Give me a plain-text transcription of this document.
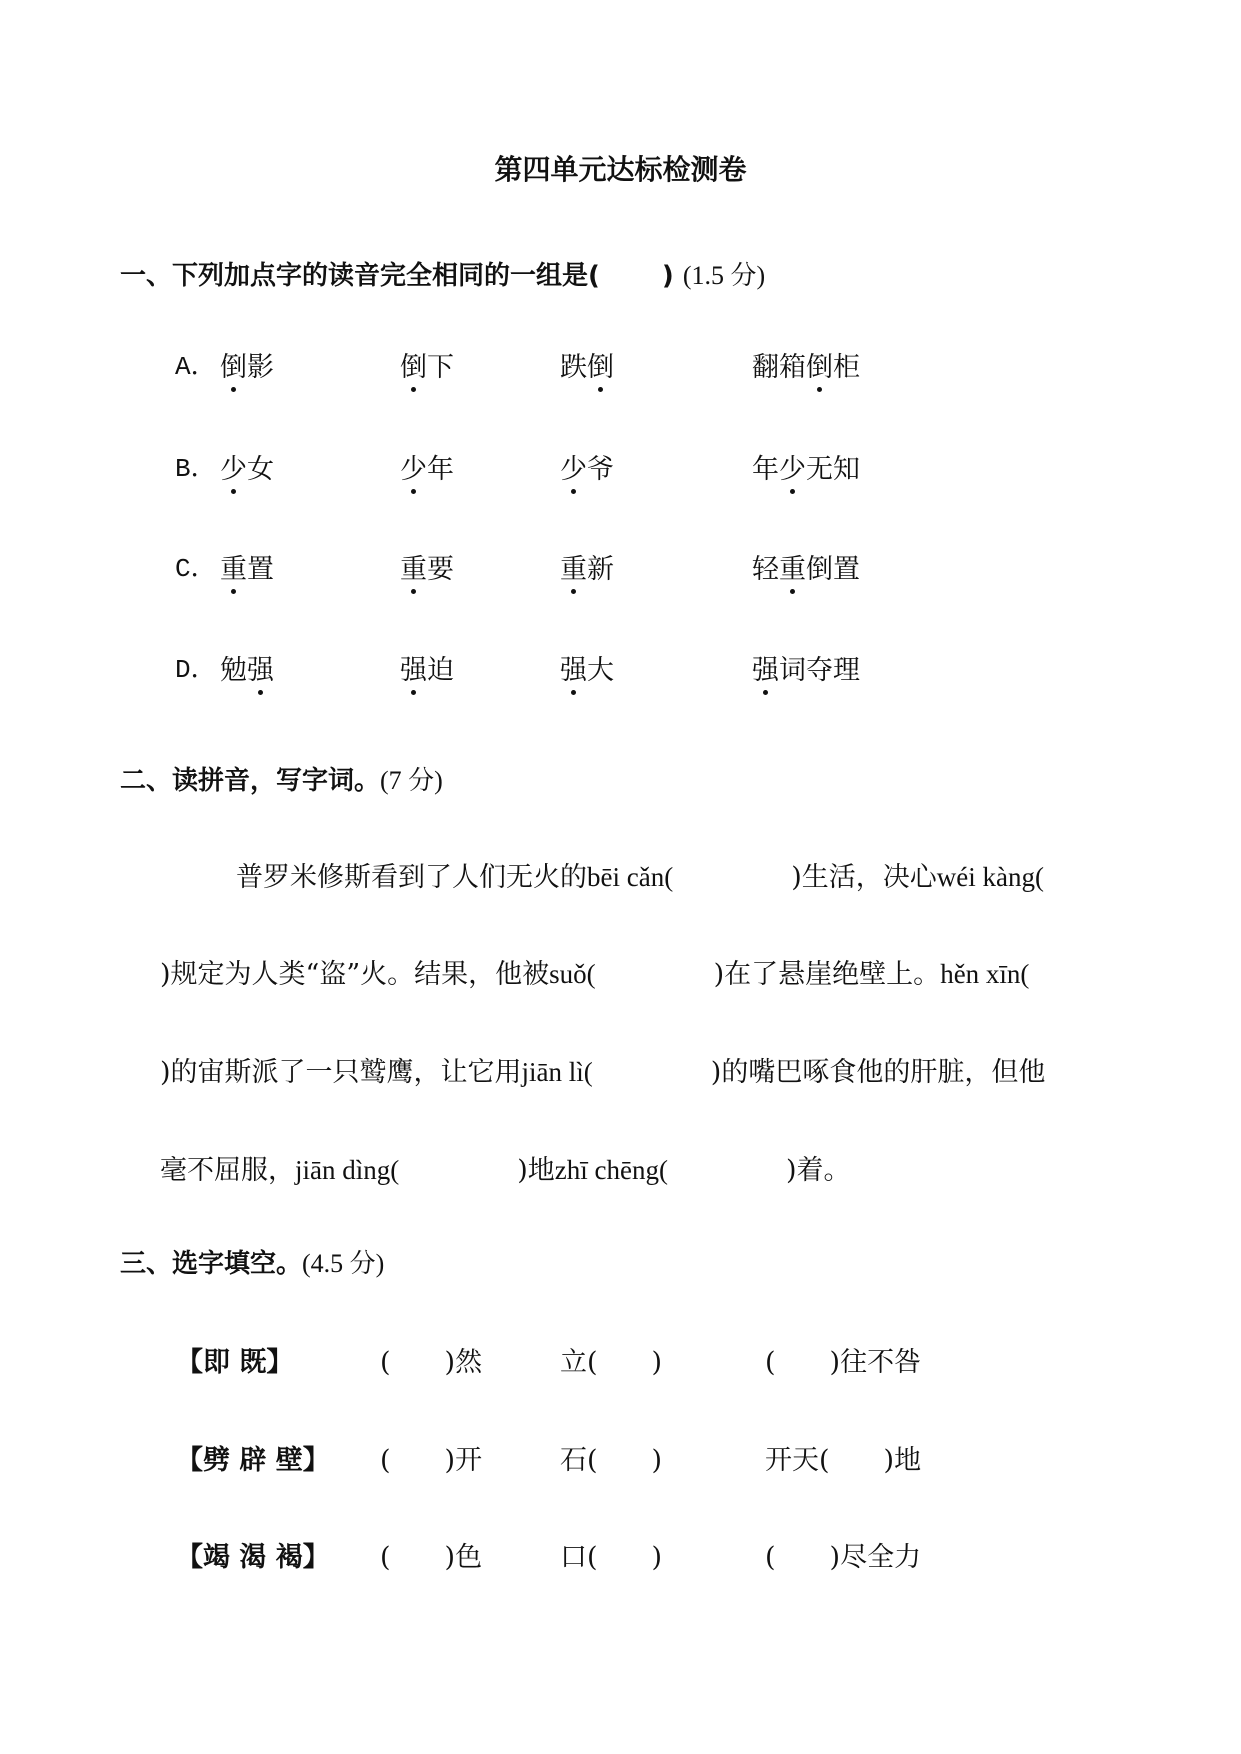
第四单元达标检测卷
一、下列加点字的读音完全相同的一组是( ) (1.5 分)
A． 倒影	倒下	跌倒	翻箱倒柜
B． 少女	少年	少爷	年少无知
C． 重置	重要	重新	轻重倒置
D． 勉强	强迫	强大	强词夺理
二、读拼音，写字词。(7 分)
普罗米修斯看到了人们无火的bēi cǎn(	)生活，决心wéi kàng(
)规定为人类“盗”火。结果，他被suǒ(	)在了悬崖绝壁上。hěn xīn(
)的宙斯派了一只鹫鹰，让它用jiān lì(	)的嘴巴啄食他的肝脏，但他
毫不屈服，jiān dìng(	)地zhī chēng(	)着。
三、选字填空。(4.5 分)
【即 既】	(　　)然	立(　　)	(　　)往不咎
【劈 辟 壁】 (　　)开	石(　　)	开天(　　)地
【竭 渴 褐】 (　　)色	口(　　)	(　　)尽全力
